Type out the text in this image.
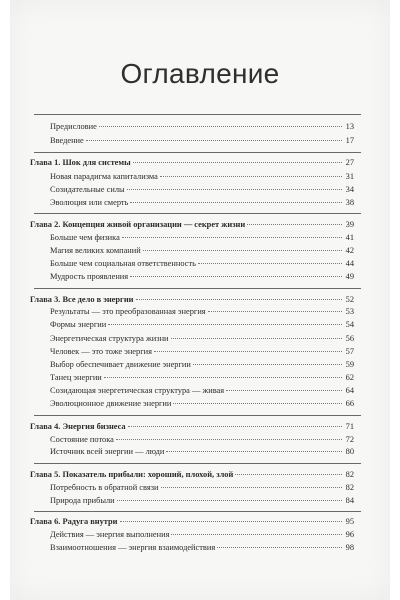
Оглавление
Предисловие	13
Введение	17
Глава 1. Шок для системы	27
Новая парадигма капитализма	31
Созидательные силы	34
Эволюция или смерть	38
Глава 2. Концепция живой организации — секрет жизни	39
Больше чем физика	41
Магия великих компаний	42
Больше чем социальная ответственность	44
Мудрость проявления	49
Глава 3. Все дело в энергии	52
Результаты — это преобразованная энергия	53
Формы энергии	54
Энергетическая структура жизни	56
Человек — это тоже энергия	57
Выбор обеспечивает движение энергии	59
Танец энергии	62
Созидающая энергетическая структура — живая	64
Эволюционное движение энергии	66
Глава 4. Энергия бизнеса	71
Состояние потока	72
Источник всей энергии — люди	80
Глава 5. Показатель прибыли: хороший, плохой, злой	82
Потребность в обратной связи	82
Природа прибыли	84
Глава 6. Радуга внутри	95
Действия — энергия выполнения	96
Взаимоотношения — энергия взаимодействия	98
